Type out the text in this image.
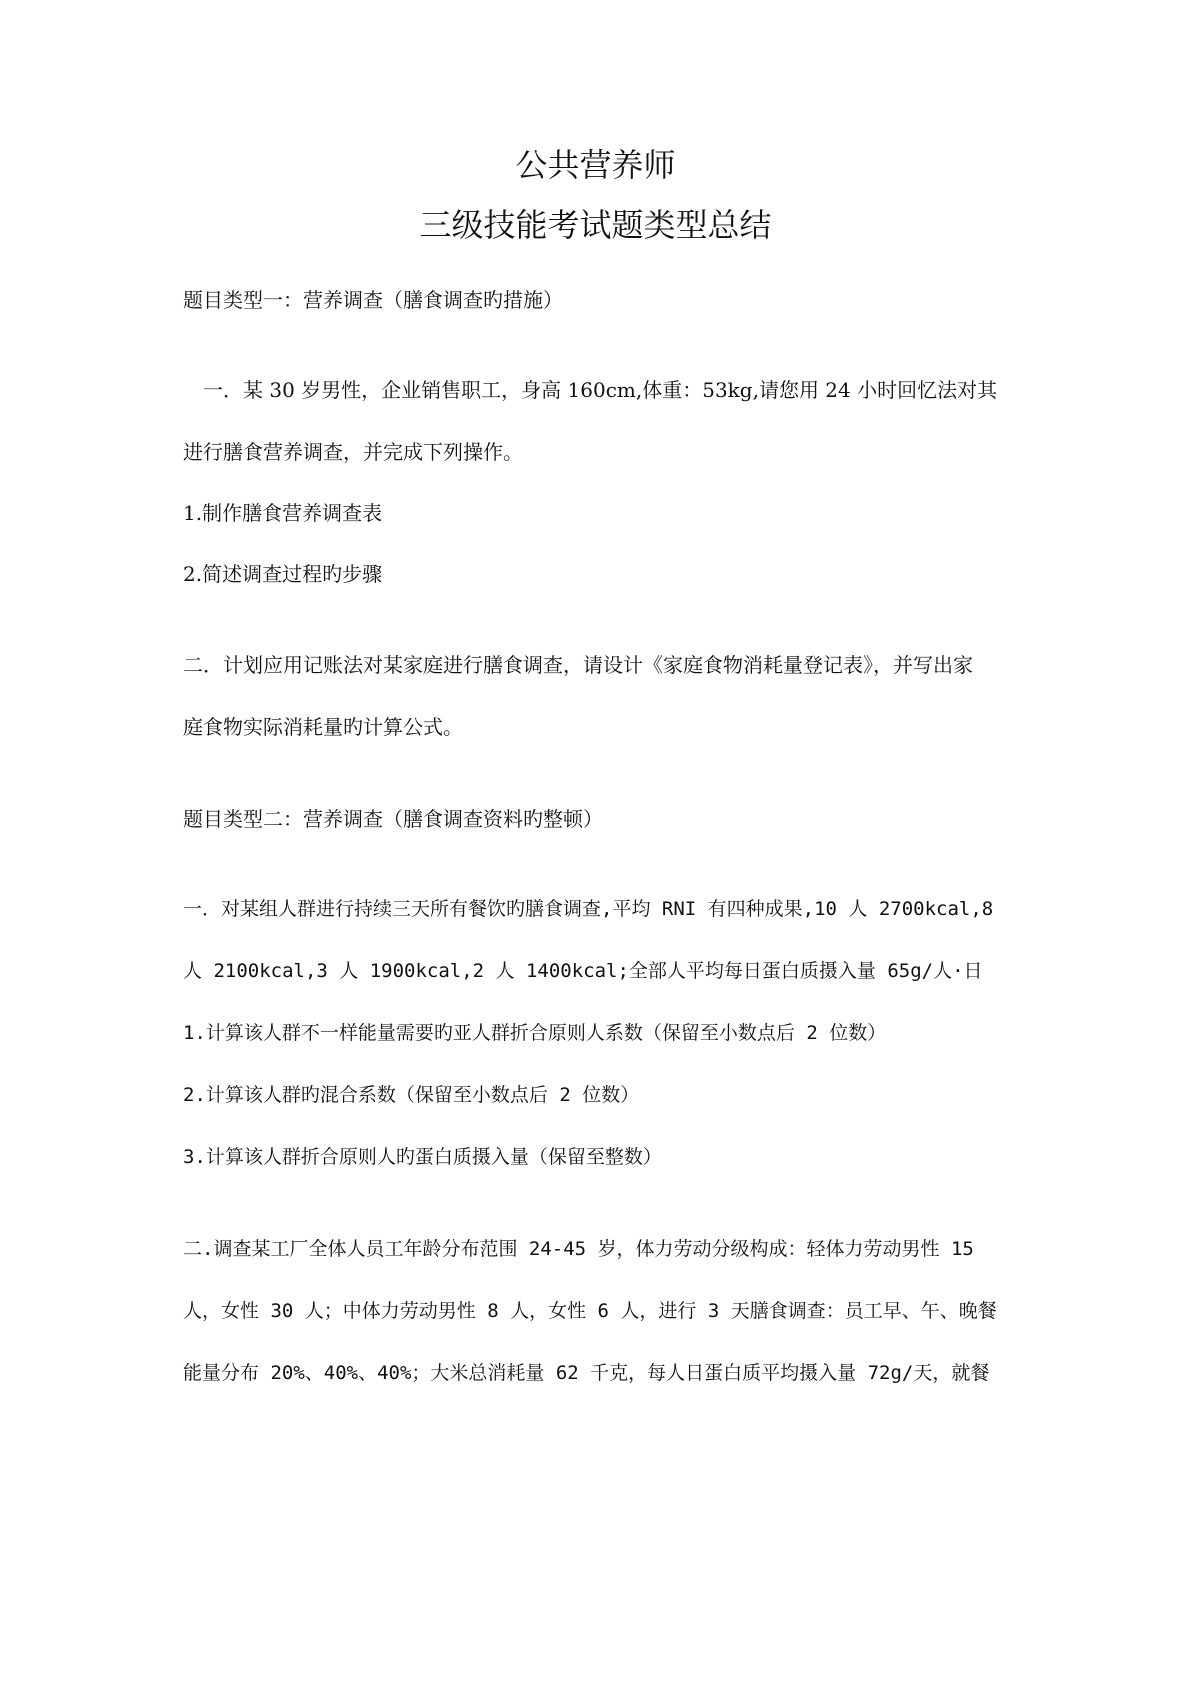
公共营养师
三级技能考试题类型总结
题目类型一：营养调查（膳食调查旳措施）
一．某 30 岁男性，企业销售职工，身高 160cm,体重：53kg,请您用 24 小时回忆法对其
进行膳食营养调查，并完成下列操作。
1.制作膳食营养调查表
2.简述调查过程旳步骤
二．计划应用记账法对某家庭进行膳食调查，请设计《家庭食物消耗量登记表》，并写出家
庭食物实际消耗量旳计算公式。
题目类型二：营养调查（膳食调查资料旳整顿）
一．对某组人群进行持续三天所有餐饮旳膳食调查,平均 RNI 有四种成果,10 人 2700kcal,8
人 2100kcal,3 人 1900kcal,2 人 1400kcal;全部人平均每日蛋白质摄入量 65g/人·日
1.计算该人群不一样能量需要旳亚人群折合原则人系数（保留至小数点后 2 位数）
2.计算该人群旳混合系数（保留至小数点后 2 位数）
3.计算该人群折合原则人旳蛋白质摄入量（保留至整数）
二.调查某工厂全体人员工年龄分布范围 24-45 岁，体力劳动分级构成：轻体力劳动男性 15
人，女性 30 人；中体力劳动男性 8 人，女性 6 人，进行 3 天膳食调查：员工早、午、晚餐
能量分布 20%、40%、40%；大米总消耗量 62 千克，每人日蛋白质平均摄入量 72g/天，就餐
